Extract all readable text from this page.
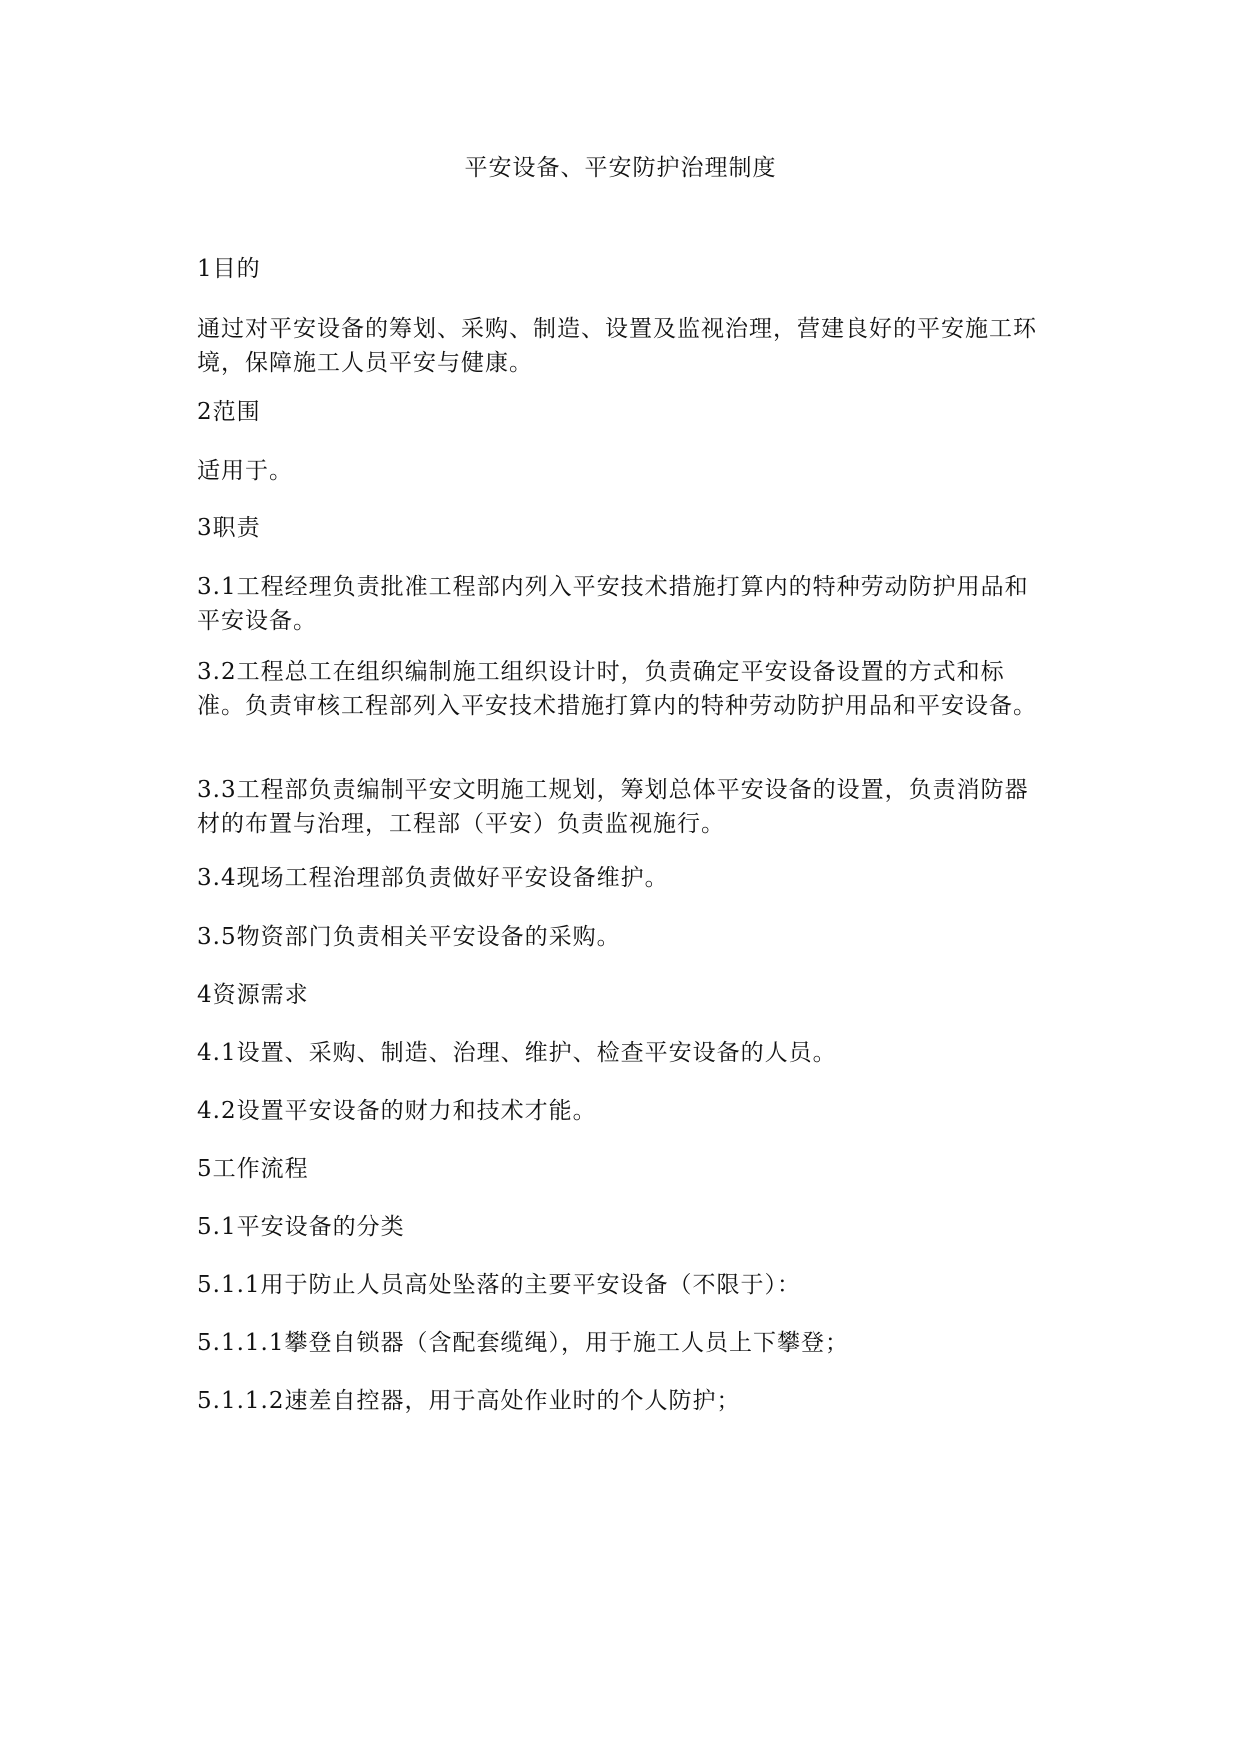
平安设备、平安防护治理制度
1目的
通过对平安设备的筹划、采购、制造、设置及监视治理，营建良好的平安施工环境，保障施工人员平安与健康。
2范围
适用于。
3职责
3.1工程经理负责批准工程部内列入平安技术措施打算内的特种劳动防护用品和平安设备。
3.2工程总工在组织编制施工组织设计时，负责确定平安设备设置的方式和标准。负责审核工程部列入平安技术措施打算内的特种劳动防护用品和平安设备。
3.3工程部负责编制平安文明施工规划，筹划总体平安设备的设置，负责消防器材的布置与治理，工程部（平安）负责监视施行。
3.4现场工程治理部负责做好平安设备维护。
3.5物资部门负责相关平安设备的采购。
4资源需求
4.1设置、采购、制造、治理、维护、检查平安设备的人员。
4.2设置平安设备的财力和技术才能。
5工作流程
5.1平安设备的分类
5.1.1用于防止人员高处坠落的主要平安设备（不限于）：
5.1.1.1攀登自锁器（含配套缆绳），用于施工人员上下攀登；
5.1.1.2速差自控器，用于高处作业时的个人防护；
